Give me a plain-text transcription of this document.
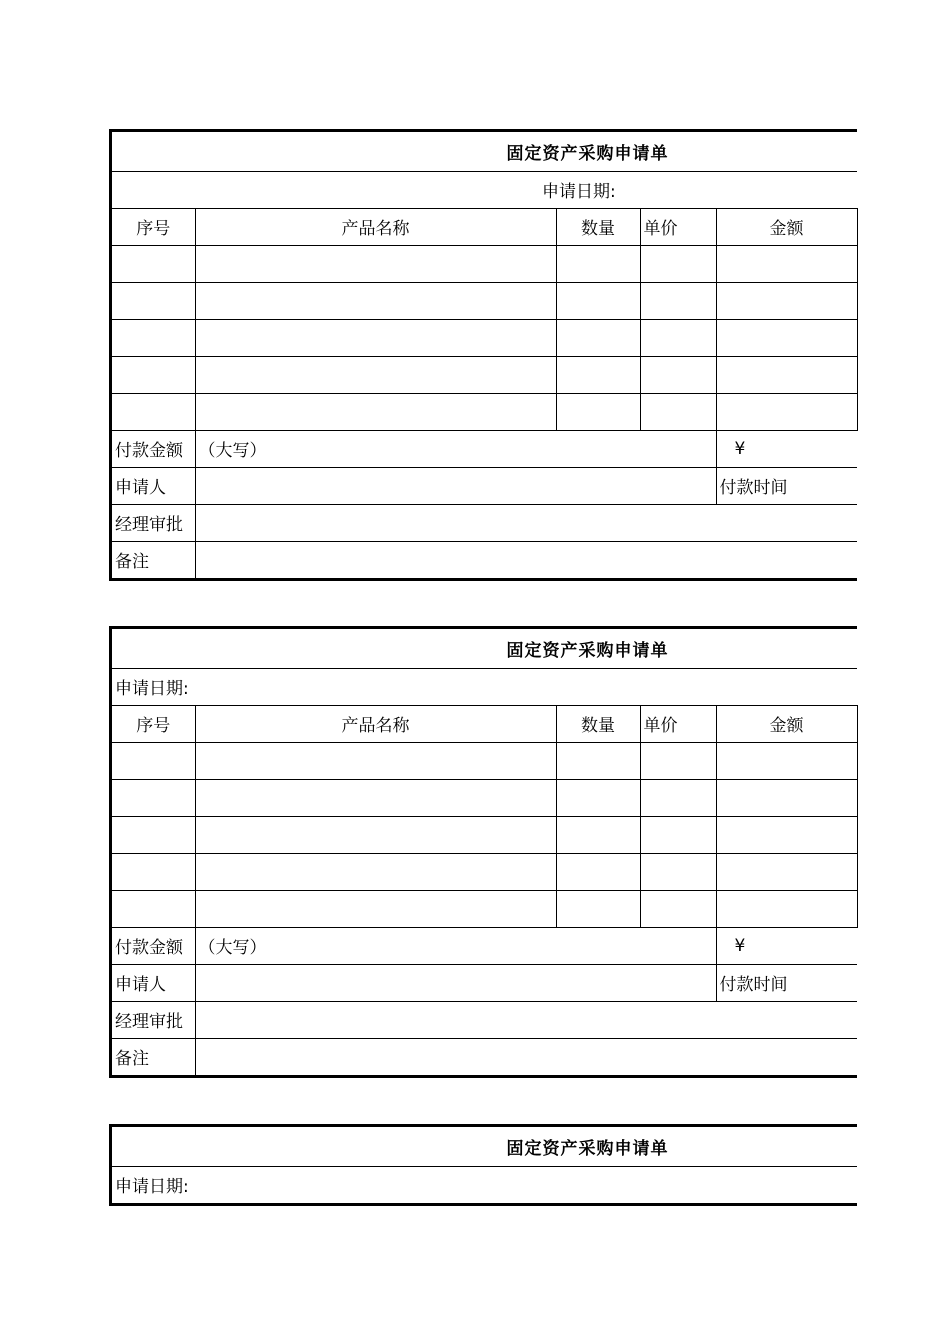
固定资产采购申请单				
申请日期:				
序号	产品名称	数量	单价	金额

付款金额	（大写）			¥
申请人				付款时间
经理审批				
备注				
固定资产采购申请单				
申请日期:				
序号	产品名称	数量	单价	金额

付款金额	（大写）			¥
申请人				付款时间
经理审批				
备注				
固定资产采购申请单
申请日期:
